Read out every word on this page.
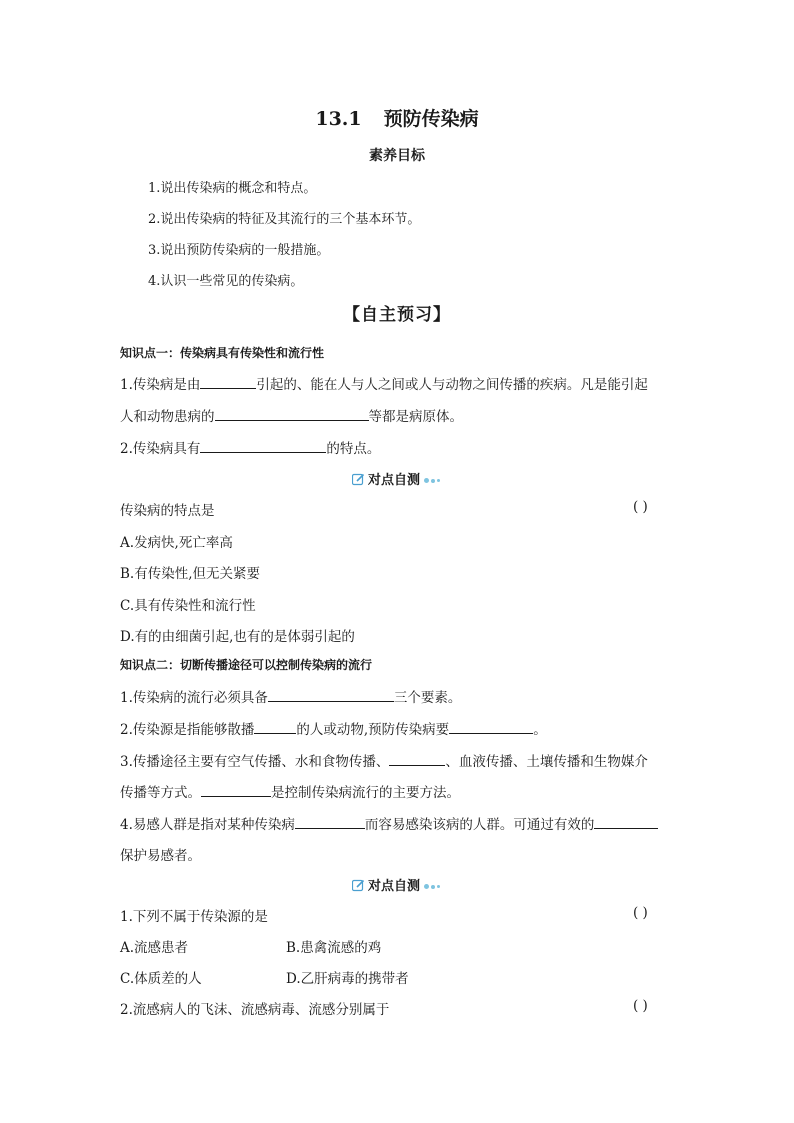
13.1 预防传染病
素养目标
1.说出传染病的概念和特点。
2.说出传染病的特征及其流行的三个基本环节。
3.说出预防传染病的一般措施。
4.认识一些常见的传染病。
【自主预习】
知识点一：传染病具有传染性和流行性
1.传染病是由	引起的、能在人与人之间或人与动物之间传播的疾病。凡是能引起
人和动物患病的	等都是病原体。
2.传染病具有	的特点。
对点自测
传染病的特点是	( )
A.发病快,死亡率高
B.有传染性,但无关紧要
C.具有传染性和流行性
D.有的由细菌引起,也有的是体弱引起的
知识点二：切断传播途径可以控制传染病的流行
1.传染病的流行必须具备	三个要素。
2.传染源是指能够散播	的人或动物,预防传染病要	。
3.传播途径主要有空气传播、水和食物传播、	、血液传播、土壤传播和生物媒介
传播等方式。	是控制传染病流行的主要方法。
4.易感人群是指对某种传染病	而容易感染该病的人群。可通过有效的
保护易感者。
对点自测
1.下列不属于传染源的是	( )
A.流感患者	B.患禽流感的鸡
C.体质差的人	D.乙肝病毒的携带者
2.流感病人的飞沫、流感病毒、流感分别属于	( )
